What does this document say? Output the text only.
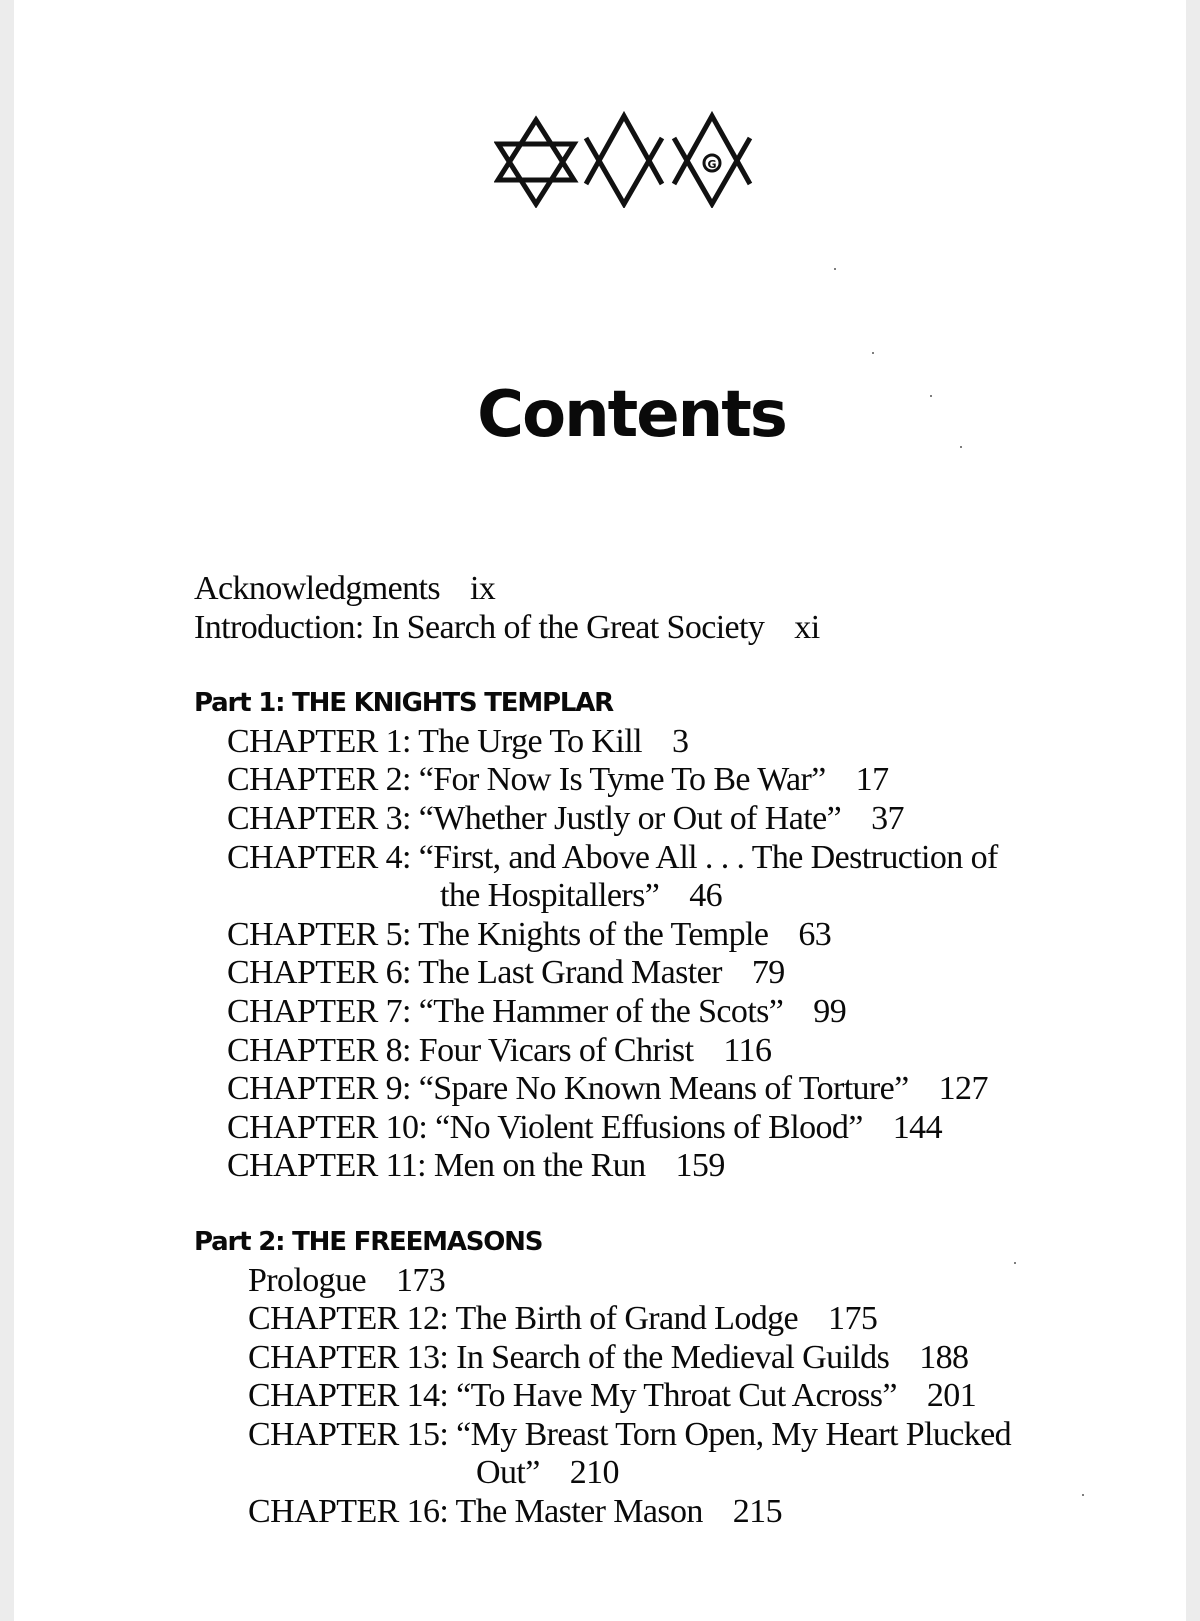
G
Contents
Acknowledgments ix
Introduction: In Search of the Great Society xi
Part 1: THE KNIGHTS TEMPLAR
CHAPTER 1: The Urge To Kill 3
CHAPTER 2: “For Now Is Tyme To Be War” 17
CHAPTER 3: “Whether Justly or Out of Hate” 37
CHAPTER 4: “First, and Above All . . . The Destruction of
the Hospitallers” 46
CHAPTER 5: The Knights of the Temple 63
CHAPTER 6: The Last Grand Master 79
CHAPTER 7: “The Hammer of the Scots” 99
CHAPTER 8: Four Vicars of Christ 116
CHAPTER 9: “Spare No Known Means of Torture” 127
CHAPTER 10: “No Violent Effusions of Blood” 144
CHAPTER 11: Men on the Run 159
Part 2: THE FREEMASONS
Prologue 173
CHAPTER 12: The Birth of Grand Lodge 175
CHAPTER 13: In Search of the Medieval Guilds 188
CHAPTER 14: “To Have My Throat Cut Across” 201
CHAPTER 15: “My Breast Torn Open, My Heart Plucked
Out” 210
CHAPTER 16: The Master Mason 215
